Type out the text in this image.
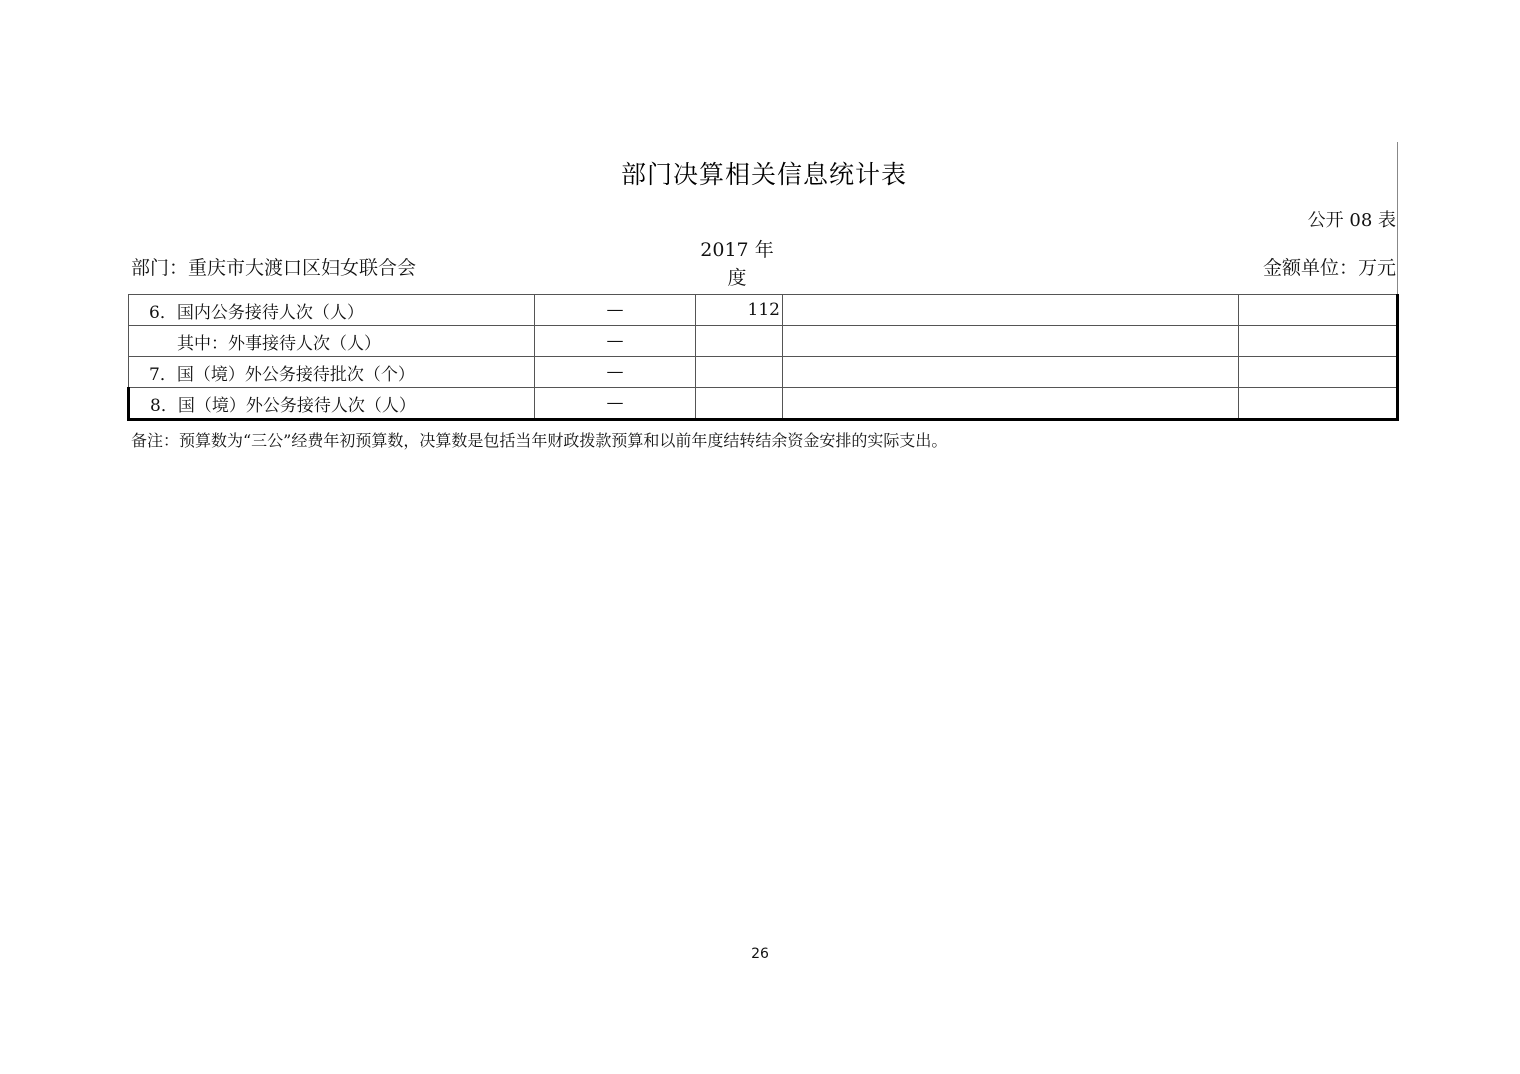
部门决算相关信息统计表
公开 08 表
部门：重庆市大渡口区妇女联合会
2017 年
度	金额单位：万元
6．国内公务接待人次（人）	—	112		
其中：外事接待人次（人）	—			
7．国（境）外公务接待批次（个）	—			
8．国（境）外公务接待人次（人）	—			
备注：预算数为“三公”经费年初预算数，决算数是包括当年财政拨款预算和以前年度结转结余资金安排的实际支出。
26
